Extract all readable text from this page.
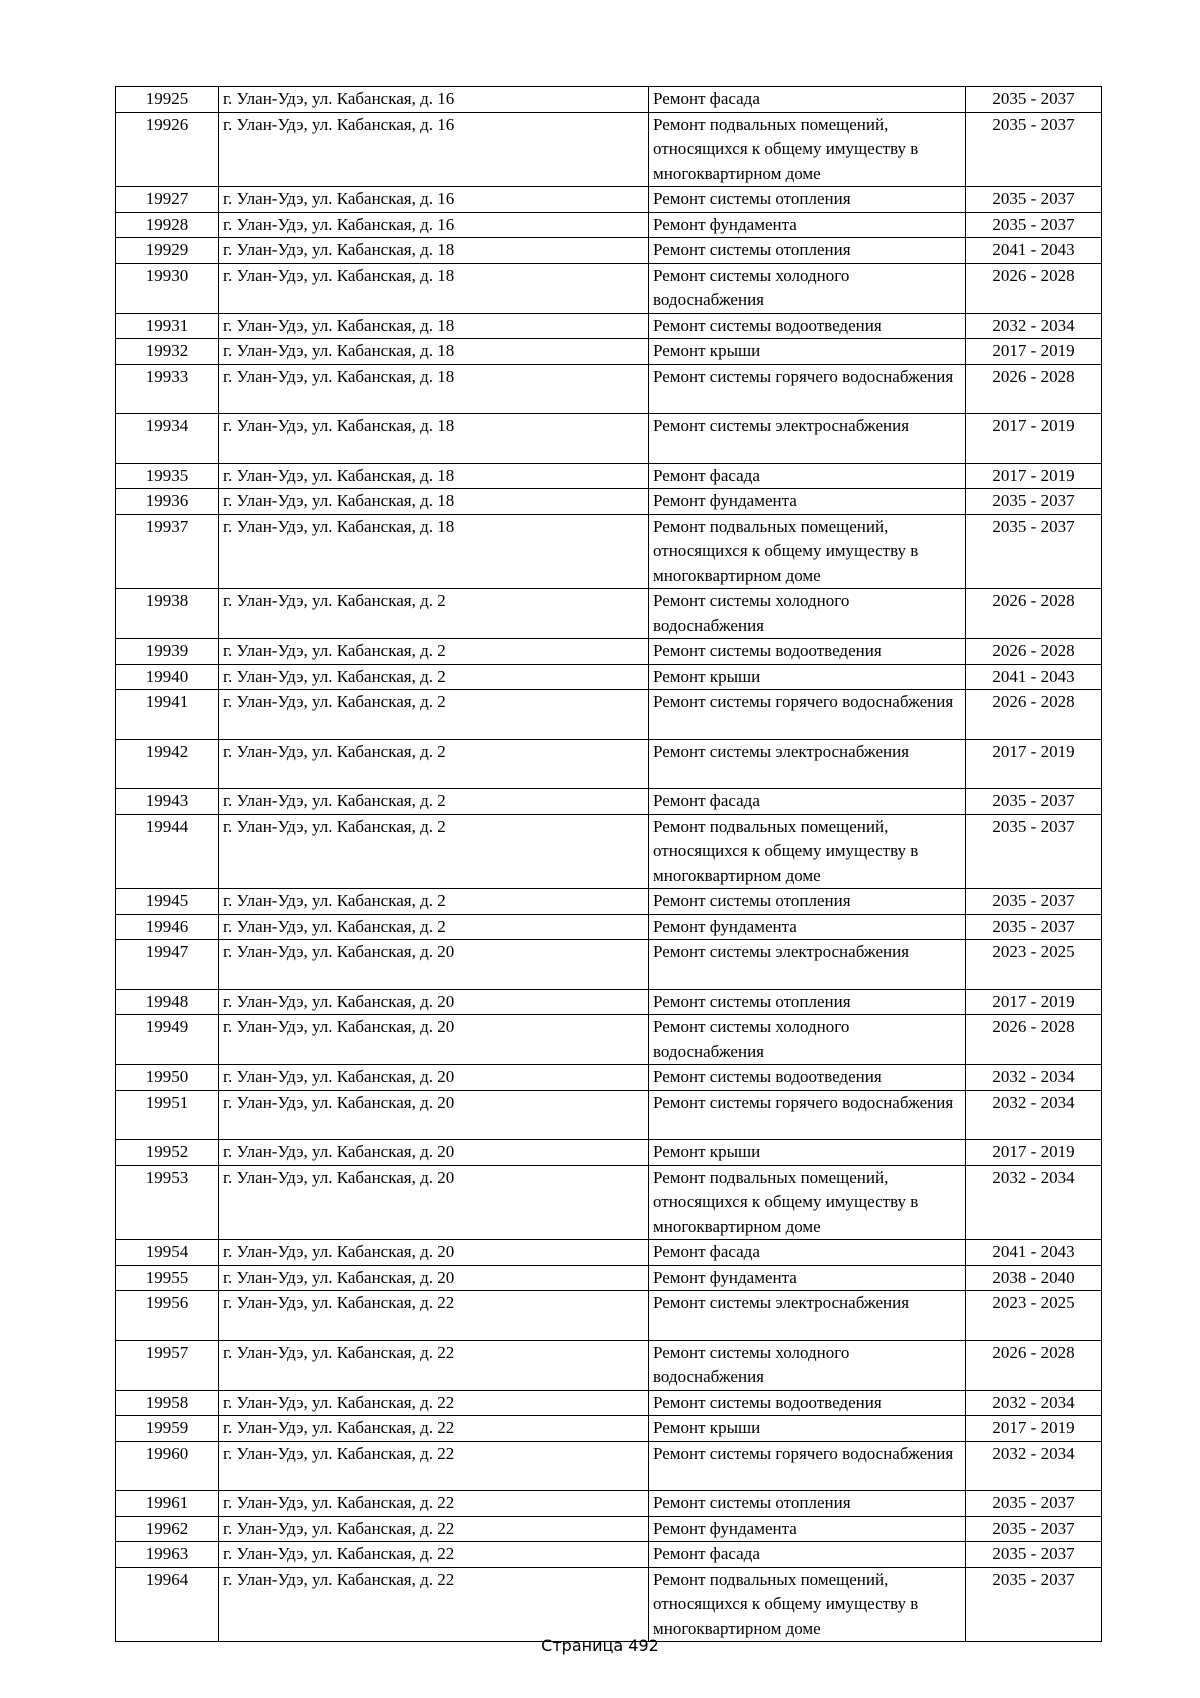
19925	г. Улан-Удэ, ул. Кабанская, д. 16	Ремонт фасада	2035 - 2037
19926	г. Улан-Удэ, ул. Кабанская, д. 16	Ремонт подвальных помещений, относящихся к общему имуществу в многоквартирном доме	2035 - 2037
19927	г. Улан-Удэ, ул. Кабанская, д. 16	Ремонт системы отопления	2035 - 2037
19928	г. Улан-Удэ, ул. Кабанская, д. 16	Ремонт фундамента	2035 - 2037
19929	г. Улан-Удэ, ул. Кабанская, д. 18	Ремонт системы отопления	2041 - 2043
19930	г. Улан-Удэ, ул. Кабанская, д. 18	Ремонт системы холодного водоснабжения	2026 - 2028
19931	г. Улан-Удэ, ул. Кабанская, д. 18	Ремонт системы водоотведения	2032 - 2034
19932	г. Улан-Удэ, ул. Кабанская, д. 18	Ремонт крыши	2017 - 2019
19933	г. Улан-Удэ, ул. Кабанская, д. 18	Ремонт системы горячего водоснабжения	2026 - 2028
19934	г. Улан-Удэ, ул. Кабанская, д. 18	Ремонт системы электроснабжения	2017 - 2019
19935	г. Улан-Удэ, ул. Кабанская, д. 18	Ремонт фасада	2017 - 2019
19936	г. Улан-Удэ, ул. Кабанская, д. 18	Ремонт фундамента	2035 - 2037
19937	г. Улан-Удэ, ул. Кабанская, д. 18	Ремонт подвальных помещений, относящихся к общему имуществу в многоквартирном доме	2035 - 2037
19938	г. Улан-Удэ, ул. Кабанская, д. 2	Ремонт системы холодного водоснабжения	2026 - 2028
19939	г. Улан-Удэ, ул. Кабанская, д. 2	Ремонт системы водоотведения	2026 - 2028
19940	г. Улан-Удэ, ул. Кабанская, д. 2	Ремонт крыши	2041 - 2043
19941	г. Улан-Удэ, ул. Кабанская, д. 2	Ремонт системы горячего водоснабжения	2026 - 2028
19942	г. Улан-Удэ, ул. Кабанская, д. 2	Ремонт системы электроснабжения	2017 - 2019
19943	г. Улан-Удэ, ул. Кабанская, д. 2	Ремонт фасада	2035 - 2037
19944	г. Улан-Удэ, ул. Кабанская, д. 2	Ремонт подвальных помещений, относящихся к общему имуществу в многоквартирном доме	2035 - 2037
19945	г. Улан-Удэ, ул. Кабанская, д. 2	Ремонт системы отопления	2035 - 2037
19946	г. Улан-Удэ, ул. Кабанская, д. 2	Ремонт фундамента	2035 - 2037
19947	г. Улан-Удэ, ул. Кабанская, д. 20	Ремонт системы электроснабжения	2023 - 2025
19948	г. Улан-Удэ, ул. Кабанская, д. 20	Ремонт системы отопления	2017 - 2019
19949	г. Улан-Удэ, ул. Кабанская, д. 20	Ремонт системы холодного водоснабжения	2026 - 2028
19950	г. Улан-Удэ, ул. Кабанская, д. 20	Ремонт системы водоотведения	2032 - 2034
19951	г. Улан-Удэ, ул. Кабанская, д. 20	Ремонт системы горячего водоснабжения	2032 - 2034
19952	г. Улан-Удэ, ул. Кабанская, д. 20	Ремонт крыши	2017 - 2019
19953	г. Улан-Удэ, ул. Кабанская, д. 20	Ремонт подвальных помещений, относящихся к общему имуществу в многоквартирном доме	2032 - 2034
19954	г. Улан-Удэ, ул. Кабанская, д. 20	Ремонт фасада	2041 - 2043
19955	г. Улан-Удэ, ул. Кабанская, д. 20	Ремонт фундамента	2038 - 2040
19956	г. Улан-Удэ, ул. Кабанская, д. 22	Ремонт системы электроснабжения	2023 - 2025
19957	г. Улан-Удэ, ул. Кабанская, д. 22	Ремонт системы холодного водоснабжения	2026 - 2028
19958	г. Улан-Удэ, ул. Кабанская, д. 22	Ремонт системы водоотведения	2032 - 2034
19959	г. Улан-Удэ, ул. Кабанская, д. 22	Ремонт крыши	2017 - 2019
19960	г. Улан-Удэ, ул. Кабанская, д. 22	Ремонт системы горячего водоснабжения	2032 - 2034
19961	г. Улан-Удэ, ул. Кабанская, д. 22	Ремонт системы отопления	2035 - 2037
19962	г. Улан-Удэ, ул. Кабанская, д. 22	Ремонт фундамента	2035 - 2037
19963	г. Улан-Удэ, ул. Кабанская, д. 22	Ремонт фасада	2035 - 2037
19964	г. Улан-Удэ, ул. Кабанская, д. 22	Ремонт подвальных помещений, относящихся к общему имуществу в многоквартирном доме	2035 - 2037
Страница 492
